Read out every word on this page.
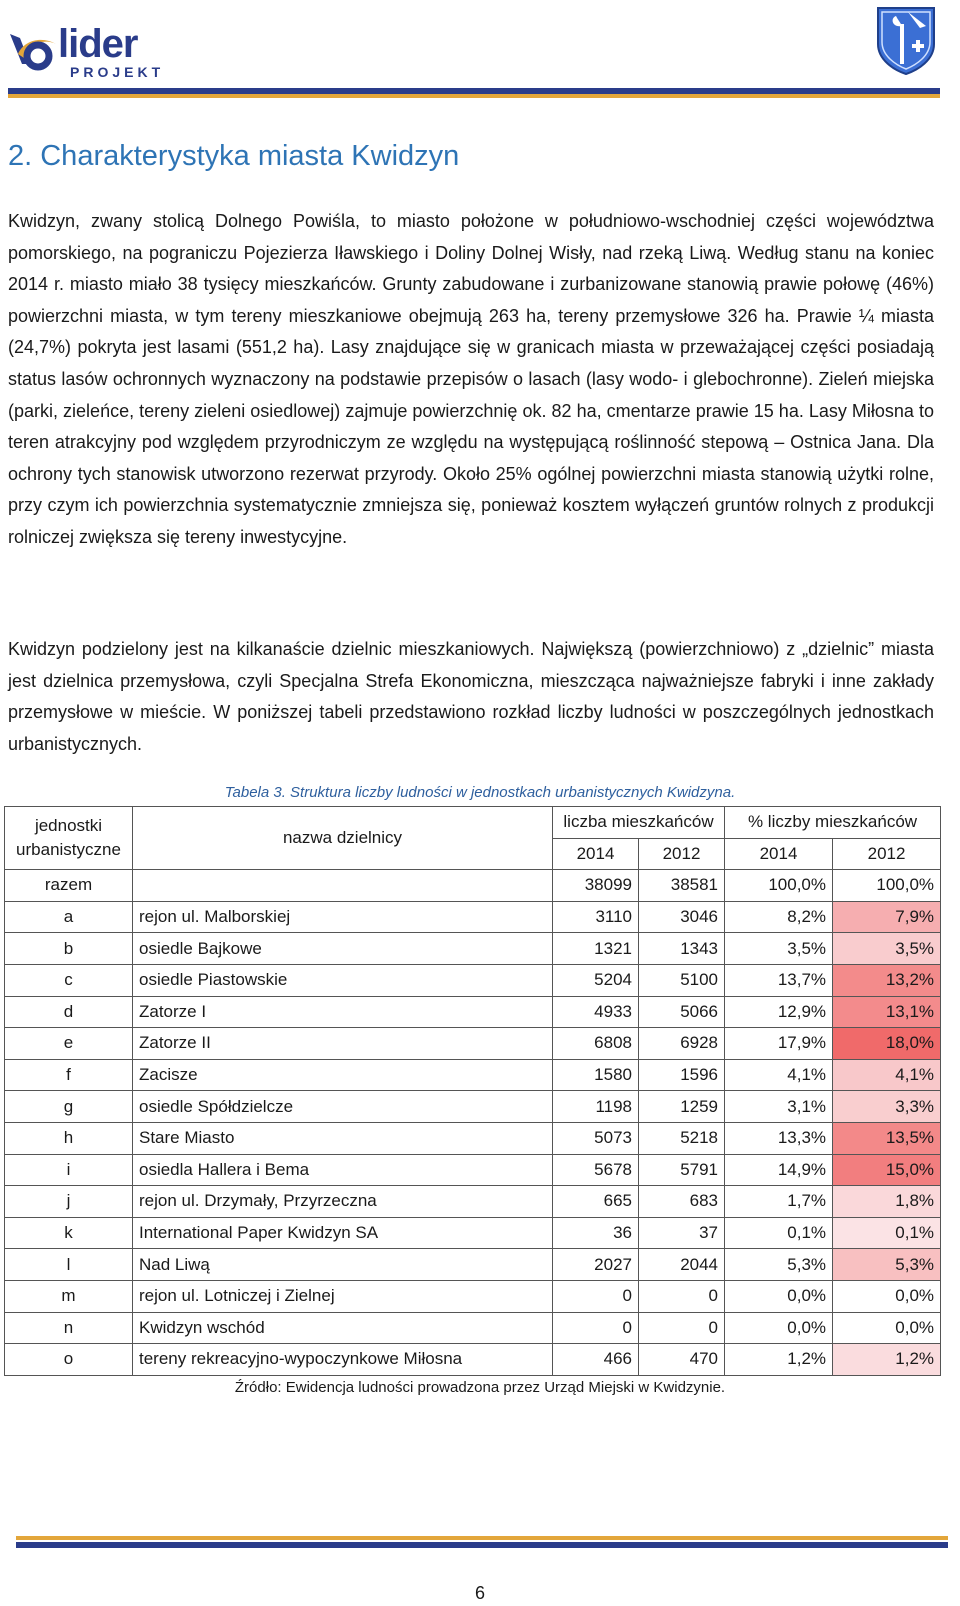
lider
PROJEKT
2. Charakterystyka miasta Kwidzyn

Kwidzyn, zwany stolicą Dolnego Powiśla, to miasto położone w południowo-wschodniej części województwa pomorskiego, na pograniczu Pojezierza Iławskiego i Doliny Dolnej Wisły, nad rzeką Liwą. Według stanu na koniec 2014 r. miasto miało 38 tysięcy mieszkańców. Grunty zabudowane i zurbanizowane stanowią prawie połowę (46%) powierzchni miasta, w tym tereny mieszkaniowe obejmują 263 ha, tereny przemysłowe 326 ha. Prawie ¼ miasta (24,7%) pokryta jest lasami (551,2 ha). Lasy znajdujące się w granicach miasta w przeważającej części posiadają status lasów ochronnych wyznaczony na podstawie przepisów o lasach (lasy wodo- i glebochronne). Zieleń miejska (parki, zieleńce, tereny zieleni osiedlowej) zajmuje powierzchnię ok. 82 ha, cmentarze prawie 15 ha. Lasy Miłosna to teren atrakcyjny pod względem przyrodniczym ze względu na występującą roślinność stepową – Ostnica Jana. Dla ochrony tych stanowisk utworzono rezerwat przyrody. Około 25% ogólnej powierzchni miasta stanowią użytki rolne, przy czym ich powierzchnia systematycznie zmniejsza się, ponieważ kosztem wyłączeń gruntów rolnych z produkcji rolniczej zwiększa się tereny inwestycyjne.

Kwidzyn podzielony jest na kilkanaście dzielnic mieszkaniowych. Największą (powierzchniowo) z „dzielnic” miasta jest dzielnica przemysłowa, czyli Specjalna Strefa Ekonomiczna, mieszcząca najważniejsze fabryki i inne zakłady przemysłowe w mieście. W poniższej tabeli przedstawiono rozkład liczby ludności w poszczególnych jednostkach urbanistycznych.

Tabela 3. Struktura liczby ludności w jednostkach urbanistycznych Kwidzyna.
jednostki urbanistyczne	nazwa dzielnicy	liczba mieszkańców		% liczby mieszkańców	
		2014	2012	2014	2012
razem		38099	38581	100,0%	100,0%
a	rejon ul. Malborskiej	3110	3046	8,2%	7,9%
b	osiedle Bajkowe	1321	1343	3,5%	3,5%
c	osiedle Piastowskie	5204	5100	13,7%	13,2%
d	Zatorze I	4933	5066	12,9%	13,1%
e	Zatorze II	6808	6928	17,9%	18,0%
f	Zacisze	1580	1596	4,1%	4,1%
g	osiedle Spółdzielcze	1198	1259	3,1%	3,3%
h	Stare Miasto	5073	5218	13,3%	13,5%
i	osiedla Hallera i Bema	5678	5791	14,9%	15,0%
j	rejon ul. Drzymały, Przyrzeczna	665	683	1,7%	1,8%
k	International Paper Kwidzyn SA	36	37	0,1%	0,1%
l	Nad Liwą	2027	2044	5,3%	5,3%
m	rejon ul. Lotniczej i Zielnej	0	0	0,0%	0,0%
n	Kwidzyn wschód	0	0	0,0%	0,0%
o	tereny rekreacyjno-wypoczynkowe Miłosna	466	470	1,2%	1,2%
Źródło: Ewidencja ludności prowadzona przez Urząd Miejski w Kwidzynie.
6
